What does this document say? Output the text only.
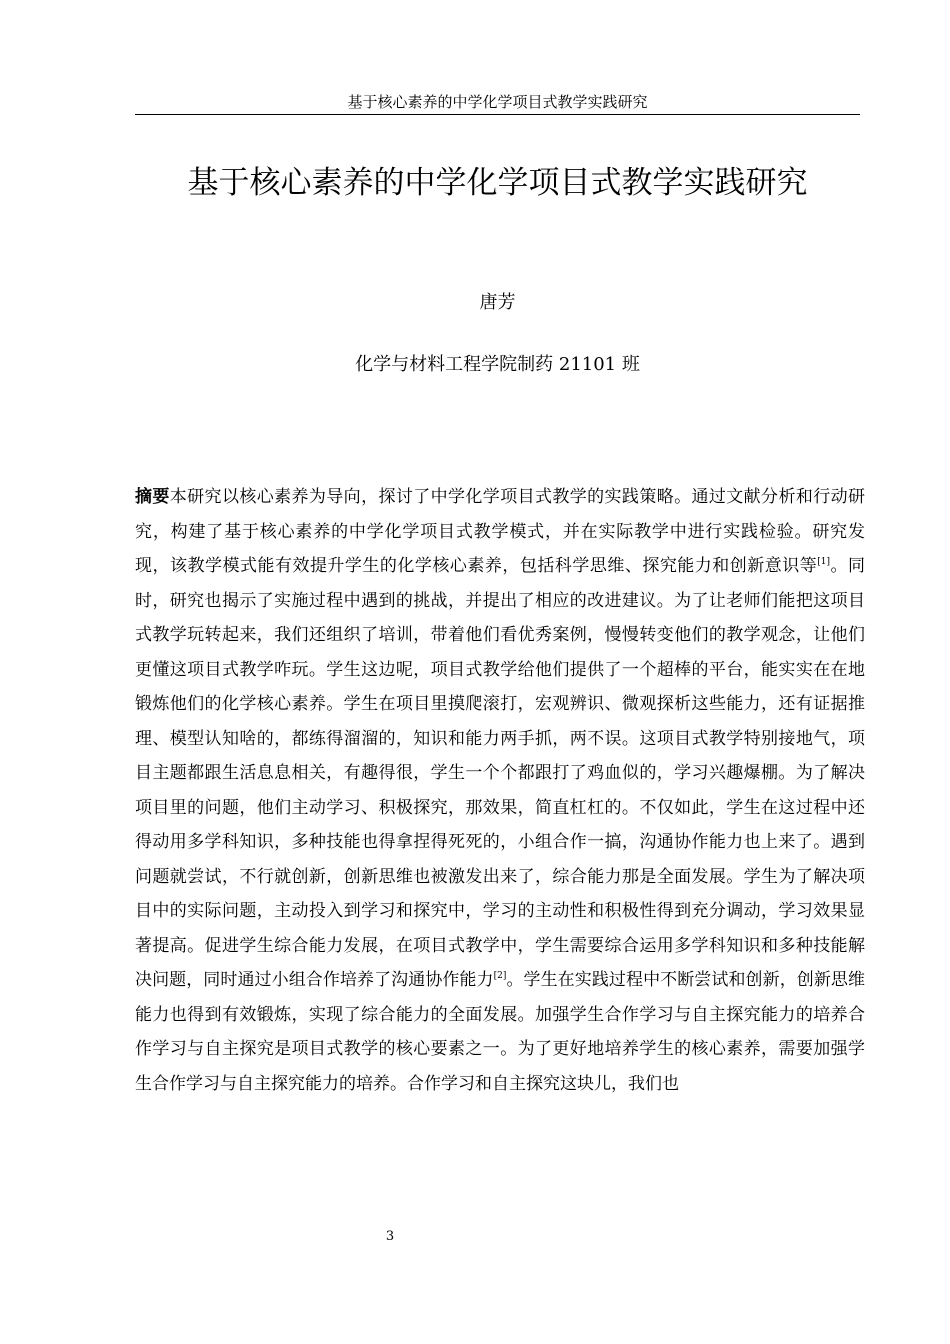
基于核心素养的中学化学项目式教学实践研究
基于核心素养的中学化学项目式教学实践研究
唐芳
化学与材料工程学院制药 21101 班

摘要本研究以核心素养为导向，探讨了中学化学项目式教学的实践策略。通过文献分析和行动研究，构建了基于核心素养的中学化学项目式教学模式，并在实际教学中进行实践检验。研究发现，该教学模式能有效提升学生的化学核心素养，包括科学思维、探究能力和创新意识等[1]。同时，研究也揭示了实施过程中遇到的挑战，并提出了相应的改进建议。为了让老师们能把这项目式教学玩转起来，我们还组织了培训，带着他们看优秀案例，慢慢转变他们的教学观念，让他们更懂这项目式教学咋玩。学生这边呢，项目式教学给他们提供了一个超棒的平台，能实实在在地锻炼他们的化学核心素养。学生在项目里摸爬滚打，宏观辨识、微观探析这些能力，还有证据推理、模型认知啥的，都练得溜溜的，知识和能力两手抓，两不误。这项目式教学特别接地气，项目主题都跟生活息息相关，有趣得很，学生一个个都跟打了鸡血似的，学习兴趣爆棚。为了解决项目里的问题，他们主动学习、积极探究，那效果，简直杠杠的。不仅如此，学生在这过程中还得动用多学科知识，多种技能也得拿捏得死死的，小组合作一搞，沟通协作能力也上来了。遇到问题就尝试，不行就创新，创新思维也被激发出来了，综合能力那是全面发展。学生为了解决项目中的实际问题，主动投入到学习和探究中，学习的主动性和积极性得到充分调动，学习效果显著提高。促进学生综合能力发展，在项目式教学中，学生需要综合运用多学科知识和多种技能解决问题，同时通过小组合作培养了沟通协作能力[2]。学生在实践过程中不断尝试和创新，创新思维能力也得到有效锻炼，实现了综合能力的全面发展。加强学生合作学习与自主探究能力的培养合作学习与自主探究是项目式教学的核心要素之一。为了更好地培养学生的核心素养，需要加强学生合作学习与自主探究能力的培养。合作学习和自主探究这块儿，我们也

3
